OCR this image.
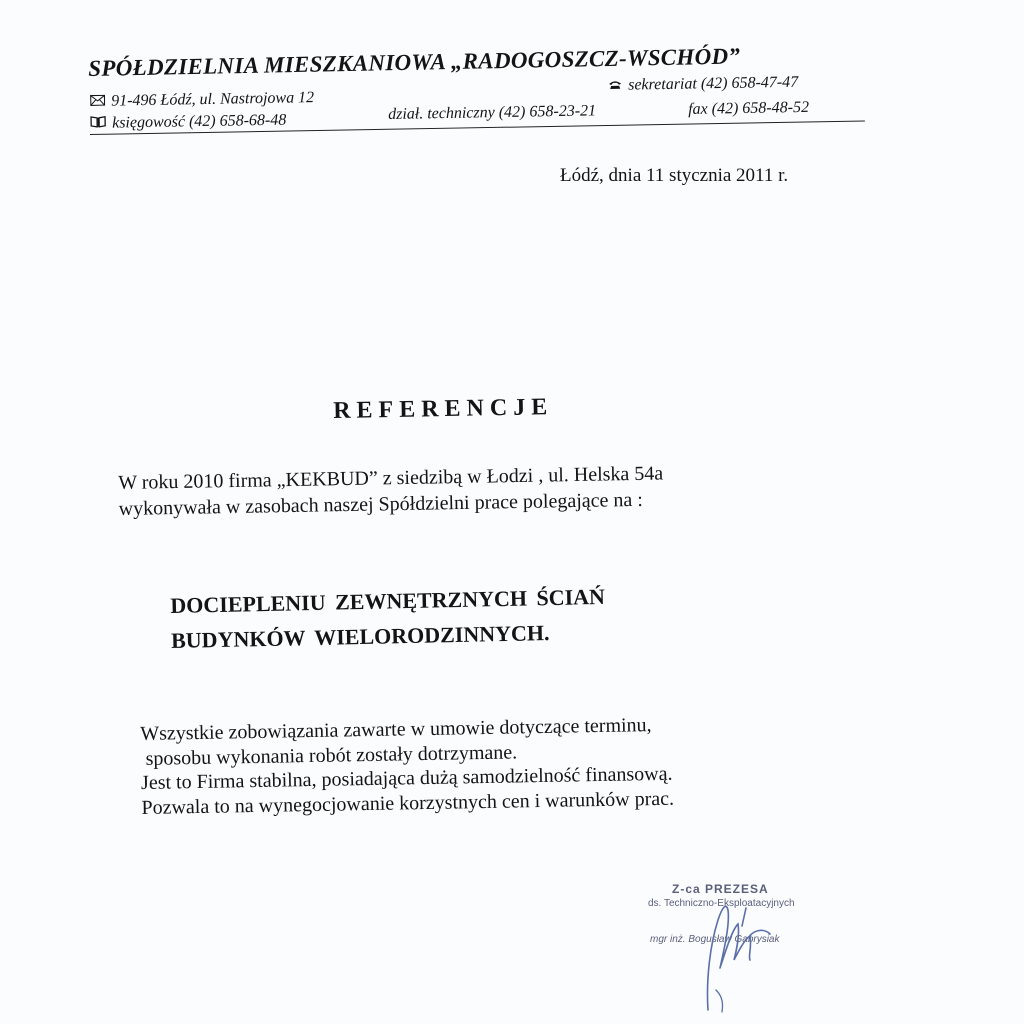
SPÓŁDZIELNIA MIESZKANIOWA „RADOGOSZCZ-WSCHÓD”
sekretariat (42) 658-47-47
91-496 Łódź, ul. Nastrojowa 12	fax (42) 658-48-52
dział. techniczny (42) 658-23-21
księgowość (42) 658-68-48
Łódź, dnia 11 stycznia 2011 r.
REFERENCJE
W roku 2010 firma „KEKBUD” z siedzibą w Łodzi , ul. Helska 54a
wykonywała w zasobach naszej Spółdzielni prace polegające na :
DOCIEPLENIU ZEWNĘTRZNYCH ŚCIAŃ
BUDYNKÓW WIELORODZINNYCH.
Wszystkie zobowiązania zawarte w umowie dotyczące terminu,
sposobu wykonania robót zostały dotrzymane.
Jest to Firma stabilna, posiadająca dużą samodzielność finansową.
Pozwala to na wynegocjowanie korzystnych cen i warunków prac.
Z-ca PREZESA
ds. Techniczno-Eksploatacyjnych
mgr inż. Bogusław Gabrysiak
